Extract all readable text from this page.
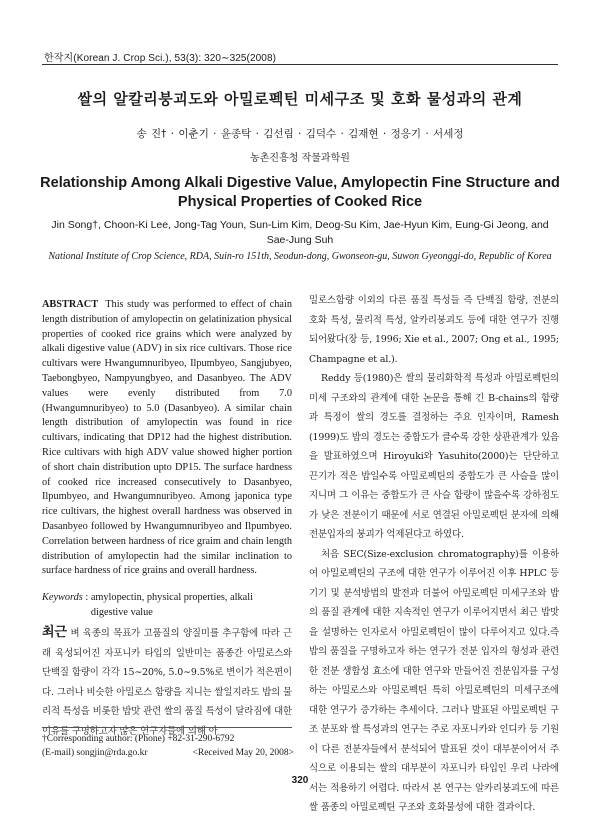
한작지(Korean J. Crop Sci.), 53(3): 320∼325(2008)
쌀의 알칼리붕괴도와 아밀로펙틴 미세구조 및 호화 물성과의 관계
송 진† · 이춘기 · 윤종탁 · 김선림 · 김덕수 · 김재현 · 정응기 · 서세정
농촌진흥청 작물과학원
Relationship Among Alkali Digestive Value, Amylopectin Fine Structure and Physical Properties of Cooked Rice
Jin Song†, Choon-Ki Lee, Jong-Tag Youn, Sun-Lim Kim, Deog-Su Kim, Jae-Hyun Kim, Eung-Gi Jeong, and Sae-Jung Suh
National Institute of Crop Science, RDA, Suin-ro 151th, Seodun-dong, Gwonseon-gu, Suwon Gyeonggi-do, Republic of Korea

ABSTRACT This study was performed to effect of chain length distribution of amylopectin on gelatinization physical properties of cooked rice grains which were analyzed by alkali digestive value (ADV) in six rice cultivars. Those rice cultivars were Hwangumnuribyeo, Ilpumbyeo, Sangjubyeo, Taebongbyeo, Nampyungbyeo, and Dasanbyeo. The ADV values were evenly distributed from 7.0 (Hwangumnuribyeo) to 5.0 (Dasanbyeo). A similar chain length distribution of amylopectin was found in rice cultivars, indicating that DP12 had the highest distribution. Rice cultivars with high ADV value showed higher portion of short chain distribution upto DP15. The surface hardness of cooked rice increased consecutively to Dasanbyeo, Ilpumbyeo, and Hwangumnuribyeo. Among japonica type rice cultivars, the highest overall hardness was observed in Dasanbyeo followed by Hwangumnuribyeo and Ilpumbyeo. Correlation between hardness of rice graim and chain length distribution of amylopectin had the similar inclination to surface hardness of rice grains and overall hardness.

Keywords : amylopectin, physical properties, alkali digestive value

최근 벼 육종의 목표가 고품질의 양질미를 추구함에 따라 근래 육성되어진 자포니카 타입의 일반미는 품종간 아밀로스와 단백질 함량이 각각 15∼20%, 5.0∼9.5%로 변이가 적은편이다. 그러나 비슷한 아밀로스 함량을 지니는 쌀일지라도 밥의 물리적 특성을 비롯한 밥맛 관련 쌀의 품질 특성이 달라짐에 대한 이유를 구명하고자 많은 연구자들에 의해 아

†Corresponding author: (Phone) +82-31-290-6792
(E-mail) songjin@rda.go.kr	<Received May 20, 2008>

밀로스함량 이외의 다른 품질 특성들 즉 단백질 함량, 전분의 호화 특성, 물리적 특성, 알카리붕괴도 등에 대한 연구가 진행되어왔다(장 등, 1996; Xie et al., 2007; Ong et al., 1995; Champagne et al.).

Reddy 등(1980)은 쌀의 물리화학적 특성과 아밀로펙틴의 미세 구조와의 관계에 대한 논문을 통해 긴 B-chains의 함량과 특정이 쌀의 경도를 결정하는 주요 인자이며, Ramesh (1999)도 밥의 경도는 중합도가 클수록 강한 상관관계가 있음을 발표하였으며 Hiroyuki와 Yasuhito(2000)는 단단하고 끈기가 적은 밥일수록 아밀로펙틴의 중합도가 큰 사슬을 많이 지니며 그 이유는 중합도가 큰 사슬 함량이 많을수록 강하점도가 낮은 전분이기 때문에 서로 연결된 아밀로펙틴 분자에 의해 전분입자의 붕괴가 억제된다고 하였다.

처음 SEC(Size-exclusion chromatography)를 이용하여 아밀로펙틴의 구조에 대한 연구가 이루어진 이후 HPLC 등 기기 및 분석방법의 발전과 더불어 아밀로펙틴 미세구조와 밥의 품질 관계에 대한 지속적인 연구가 이루어지면서 최근 밥맛을 설명하는 인자로서 아밀로펙틴이 많이 다루어지고 있다.즉 밥의 품질을 구명하고자 하는 연구가 전분 입자의 형성과 관련한 전분 생합성 효소에 대한 연구와 만들어진 전분입자를 구성하는 아밀로스와 아밀로펙틴 특히 아밀로펙틴의 미세구조에 대한 연구가 증가하는 추세이다. 그러나 발표된 아밀로펙틴 구조 분포와 쌀 특성과의 연구는 주로 자포니카와 인디카 등 기원이 다른 전분자들에서 분석되어 발표된 것이 대부분이어서 주식으로 이용되는 쌀의 대부분이 자포니카 타입인 우리 나라에서는 적용하기 어렵다. 따라서 본 연구는 알카리붕괴도에 따른 쌀 품종의 아밀로펙틴 구조와 호화물성에 대한 결과이다.

320
